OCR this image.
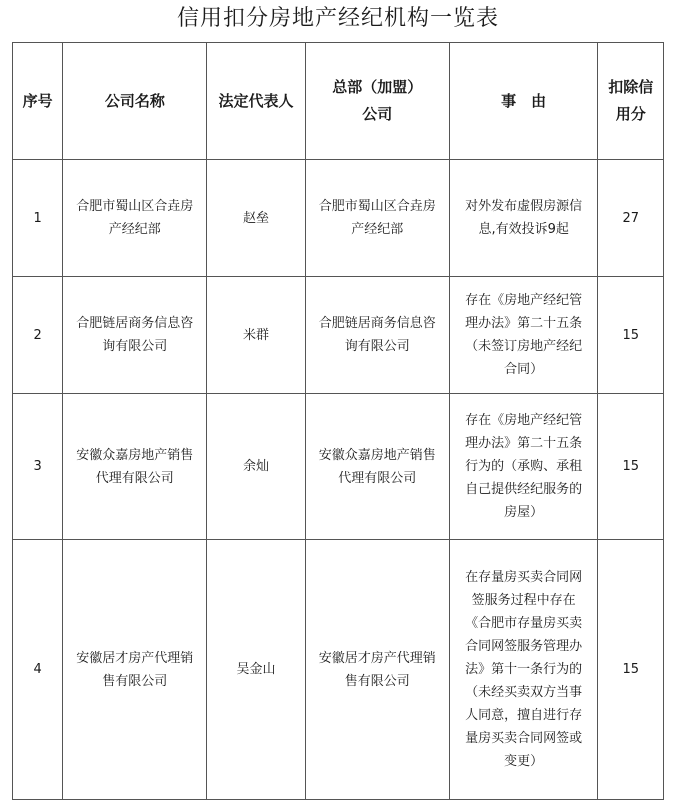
信用扣分房地产经纪机构一览表
序号	公司名称	法定代表人	总部（加盟）公司	事　由	扣除信用分
1	合肥市蜀山区合垚房产经纪部	赵垒	合肥市蜀山区合垚房产经纪部	对外发布虚假房源信息,有效投诉9起	27
2	合肥链居商务信息咨询有限公司	米群	合肥链居商务信息咨询有限公司	存在《房地产经纪管理办法》第二十五条（未签订房地产经纪合同）	15
3	安徽众嘉房地产销售代理有限公司	余灿	安徽众嘉房地产销售代理有限公司	存在《房地产经纪管理办法》第二十五条行为的（承购、承租自己提供经纪服务的房屋）	15
4	安徽居才房产代理销售有限公司	吴金山	安徽居才房产代理销售有限公司	在存量房买卖合同网签服务过程中存在《合肥市存量房买卖合同网签服务管理办法》第十一条行为的（未经买卖双方当事人同意，擅自进行存量房买卖合同网签或变更）	15
